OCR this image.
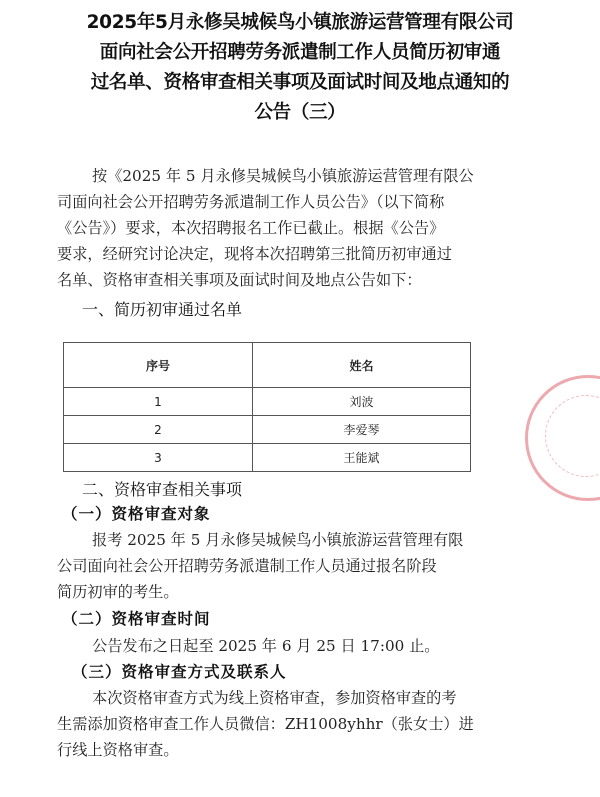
2025年5月永修吴城候鸟小镇旅游运营管理有限公司
面向社会公开招聘劳务派遣制工作人员简历初审通
过名单、资格审查相关事项及面试时间及地点通知的
公告（三）
按《2025 年 5 月永修吴城候鸟小镇旅游运营管理有限公
司面向社会公开招聘劳务派遣制工作人员公告》（以下简称
《公告》）要求，本次招聘报名工作已截止。根据《公告》
要求，经研究讨论决定，现将本次招聘第三批简历初审通过
名单、资格审查相关事项及面试时间及地点公告如下：
一、简历初审通过名单
序号	姓名
1	刘波
2	李爱琴
3	王能斌
二、资格审查相关事项
（一）资格审查对象
报考 2025 年 5 月永修吴城候鸟小镇旅游运营管理有限
公司面向社会公开招聘劳务派遣制工作人员通过报名阶段
简历初审的考生。
（二）资格审查时间
公告发布之日起至 2025 年 6 月 25 日 17:00 止。
（三）资格审查方式及联系人
本次资格审查方式为线上资格审查，参加资格审查的考
生需添加资格审查工作人员微信：ZH1008yhhr（张女士）进
行线上资格审查。
